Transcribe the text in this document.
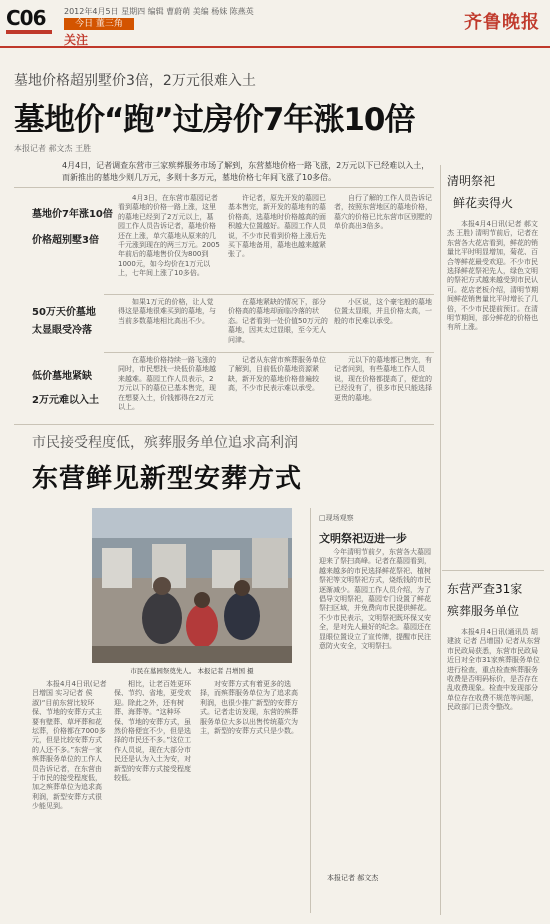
C06 2012年4月5日 星期四 编辑 曹蔚萌 美编 杨妹 陈燕英
今日 董三角
关注
齐鲁晚报
墓地价格超别墅价3倍，2万元很难入土
墓地价“跑”过房价7年涨10倍
本报记者 郝文杰 王胜
4月4日，记者调查东营市三家殡葬服务市场了解到，东营墓地价格一路飞涨，2万元以下已经难以入土，而新推出的墓地少则几万元，多则十多万元，墓地价格七年间飞涨了10多倍。
墓地价7年涨10倍
价格超别墅3倍
50万天价墓地
太显眼受冷落
低价墓地紧缺
2万元难以入土

4月3日，在东营市墓园记者看到墓地的价格一路上涨，这里的墓地已经到了2万元以上，墓园工作人员告诉记者，墓地价格还在上涨，单穴墓地从原来的几千元涨到现在的两三万元。2005年前后的墓地售价仅为800到1000元，如今均价在1万元以上，七年间上涨了10多倍。

许记者，原先开发的墓园已基本售完，新开发的墓地有的墓价格高，选墓地时价格越高的面积越大位置越好。墓园工作人员说，不少市民看到价格上涨后先买下墓地备用，墓地也越来越紧张了。

自行了解的工作人员告诉记者，按照东营地区的墓地价格，墓穴的价格已比东营市区别墅的单价高出3倍多。

如果1万元的价格，让人觉得这是墓地很难买到的墓地，与当前多数墓地相比高出不少。

在墓地紧缺的情况下，部分价格高的墓地却面临冷落的状态。记者看到一处价值50万元的墓地，因其太过显眼，至今无人问津。

小区说，这个豪宅般的墓地位置太显眼，并且价格太高，一般的市民难以承受。

在墓地价格持续一路飞涨的同时，市民想找一块低价墓地越来越难。墓园工作人员表示，2万元以下的墓位已基本售完，现在想要入土，价钱都得在2万元以上。

记者从东营市殡葬服务单位了解到，目前低价墓地资源紧缺，新开发的墓地价格普遍较高，不少市民表示难以承受。

元以下的墓地都已售完，有记者问到，有些墓地工作人员说，现在价格都提高了，便宜的已经没有了，很多市民只能选择更贵的墓地。

清明祭祀
鲜花卖得火

本报4月4日讯(记者 郝文杰 王胜) 清明节前后，记者在东营各大花店看到，鲜花的销量比平时明显增加，菊花、百合等鲜花最受欢迎。不少市民选择鲜花祭祀先人，绿色文明的祭祀方式越来越受到市民认可。花店老板介绍，清明节期间鲜花销售量比平时增长了几倍，不少市民提前预订。在清明节期间，部分鲜花的价格也有所上涨。

东营严查31家
殡葬服务单位

本报4月4日讯(通讯员 胡建波 记者 吕增国) 记者从东营市民政局获悉，东营市民政局近日对全市31家殡葬服务单位进行检查，重点检查殡葬服务收费是否明码标价，是否存在乱收费现象。检查中发现部分单位存在收费不规范等问题，民政部门已责令整改。

市民接受程度低，殡葬服务单位追求高利润
东营鲜见新型安葬方式
市民在墓园祭奠先人。 本报记者 吕增国 摄
□现场观察
文明祭祀迈进一步

本报4月4日讯(记者 吕增国 实习记者 侯淑)“目前东营比较环保、节地的安葬方式主要有壁葬、草坪葬和花坛葬，价格都在7000多元，但是比较安葬方式的人还不多。”东营一家殡葬服务单位的工作人员告诉记者，在东营由于市民的接受程度低，加之殡葬单位为追求高利润，新型安葬方式很少能见到。

相比，让老百姓更环保、节约、省地，更受欢迎。除此之外，还有树葬、海葬等。“这种环保、节地的安葬方式，虽然价格便宜不少，但是选择的市民还不多。”这位工作人员说，现在大部分市民还是认为入土为安，对新型的安葬方式接受程度较低。

对安葬方式有着更多的选择，而殡葬服务单位为了追求高利润，也很少推广新型的安葬方式。记者走访发现，东营的殡葬服务单位大多以出售传统墓穴为主，新型的安葬方式只是少数。

今年清明节前夕，东营各大墓园迎来了祭扫高峰。记者在墓园看到，越来越多的市民选择鲜花祭祀、植树祭祀等文明祭祀方式，烧纸钱的市民逐渐减少。墓园工作人员介绍，为了倡导文明祭祀，墓园专门设置了鲜花祭扫区域，并免费向市民提供鲜花。不少市民表示，文明祭祀既环保又安全，是对先人最好的纪念。墓园还在显眼位置设立了宣传牌，提醒市民注意防火安全，文明祭扫。

本报记者 郝文杰
